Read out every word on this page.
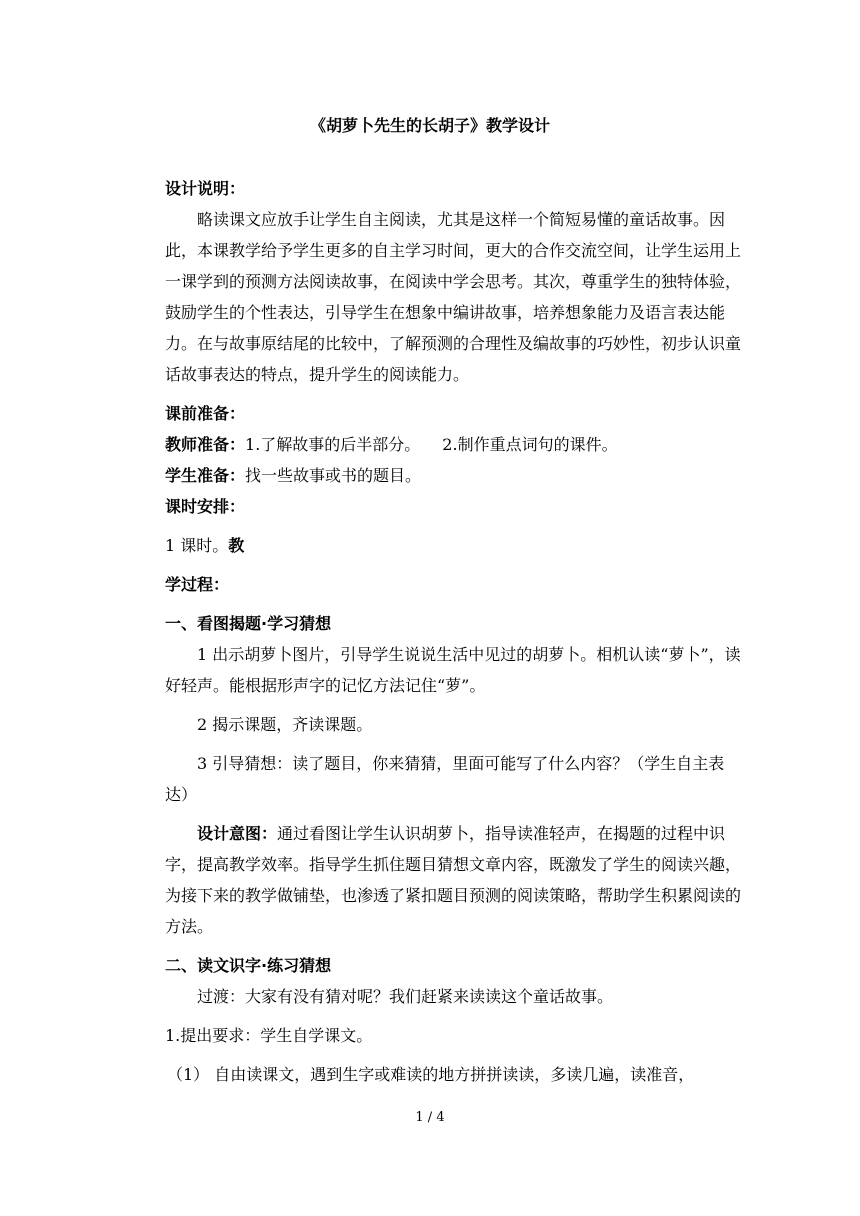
《胡萝卜先生的长胡子》教学设计

设计说明：

略读课文应放手让学生自主阅读，尤其是这样一个简短易懂的童话故事。因此，本课教学给予学生更多的自主学习时间，更大的合作交流空间，让学生运用上一课学到的预测方法阅读故事，在阅读中学会思考。其次，尊重学生的独特体验，鼓励学生的个性表达，引导学生在想象中编讲故事，培养想象能力及语言表达能力。在与故事原结尾的比较中，了解预测的合理性及编故事的巧妙性，初步认识童话故事表达的特点，提升学生的阅读能力。

课前准备：

教师准备：1.了解故事的后半部分。 2.制作重点词句的课件。

学生准备：找一些故事或书的题目。

课时安排：

1 课时。教

学过程：

一、看图揭题·学习猜想

1 出示胡萝卜图片，引导学生说说生活中见过的胡萝卜。相机认读“萝卜”，读好轻声。能根据形声字的记忆方法记住“萝”。

2 揭示课题，齐读课题。

3 引导猜想：读了题目，你来猜猜，里面可能写了什么内容？（学生自主表达）

设计意图：通过看图让学生认识胡萝卜，指导读准轻声，在揭题的过程中识字，提高教学效率。指导学生抓住题目猜想文章内容，既激发了学生的阅读兴趣， 为接下来的教学做铺垫，也渗透了紧扣题目预测的阅读策略，帮助学生积累阅读的方法。

二、读文识字·练习猜想

过渡：大家有没有猜对呢？我们赶紧来读读这个童话故事。

1.提出要求：学生自学课文。

（1） 自由读课文，遇到生字或难读的地方拼拼读读，多读几遍，读准音，

1 / 4
